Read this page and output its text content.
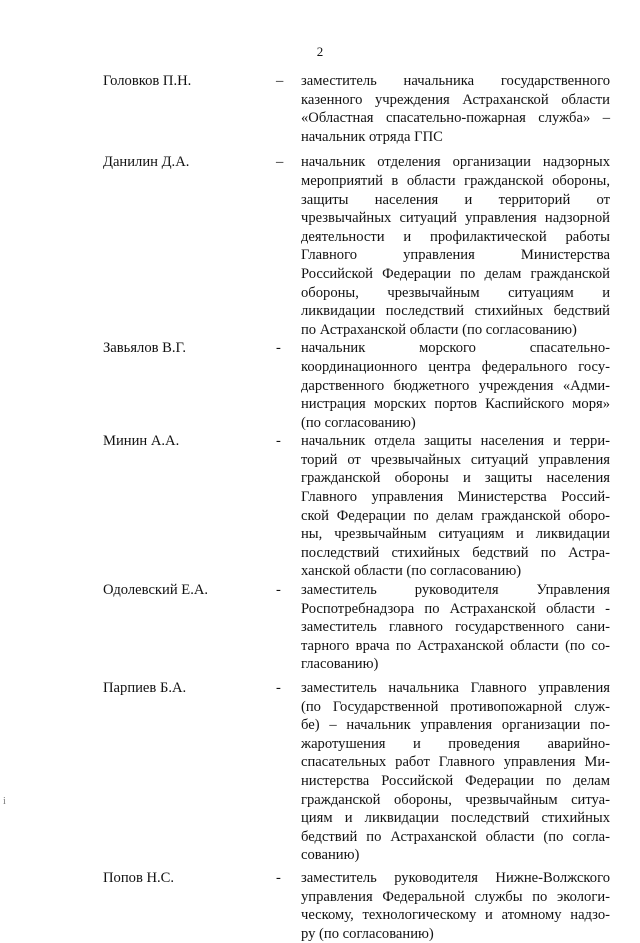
2
Головков П.Н.	– заместитель начальника государственного
казенного учреждения Астраханской области
«Областная спасательно-пожарная служба» –
начальник отряда ГПС
Данилин Д.А.	– начальник отделения организации надзорных
мероприятий в области гражданской обороны,
защиты населения и территорий от
чрезвычайных ситуаций управления надзорной
деятельности и профилактической работы
Главного управления Министерства
Российской Федерации по делам гражданской
обороны, чрезвычайным ситуациям и
ликвидации последствий стихийных бедствий
по Астраханской области (по согласованию)
Завьялов В.Г.	- начальник морского спасательно-
координационного центра федерального госу-
дарственного бюджетного учреждения «Адми-
нистрация морских портов Каспийского моря»
(по согласованию)
Минин А.А.	- начальник отдела защиты населения и терри-
торий от чрезвычайных ситуаций управления
гражданской обороны и защиты населения
Главного управления Министерства Россий-
ской Федерации по делам гражданской оборо-
ны, чрезвычайным ситуациям и ликвидации
последствий стихийных бедствий по Астра-
ханской области (по согласованию)
Одолевский Е.А.	- заместитель руководителя Управления
Роспотребнадзора по Астраханской области -
заместитель главного государственного сани-
тарного врача по Астраханской области (по со-
гласованию)
Парпиев Б.А.	- заместитель начальника Главного управления
(по Государственной противопожарной служ-
бе) – начальник управления организации по-
жаротушения и проведения аварийно-
спасательных работ Главного управления Ми-
нистерства Российской Федерации по делам
гражданской обороны, чрезвычайным ситуа-
циям и ликвидации последствий стихийных
бедствий по Астраханской области (по согла-
сованию)
Попов Н.С.	- заместитель руководителя Нижне-Волжского
управления Федеральной службы по экологи-
ческому, технологическому и атомному надзо-
ру (по согласованию)
i
